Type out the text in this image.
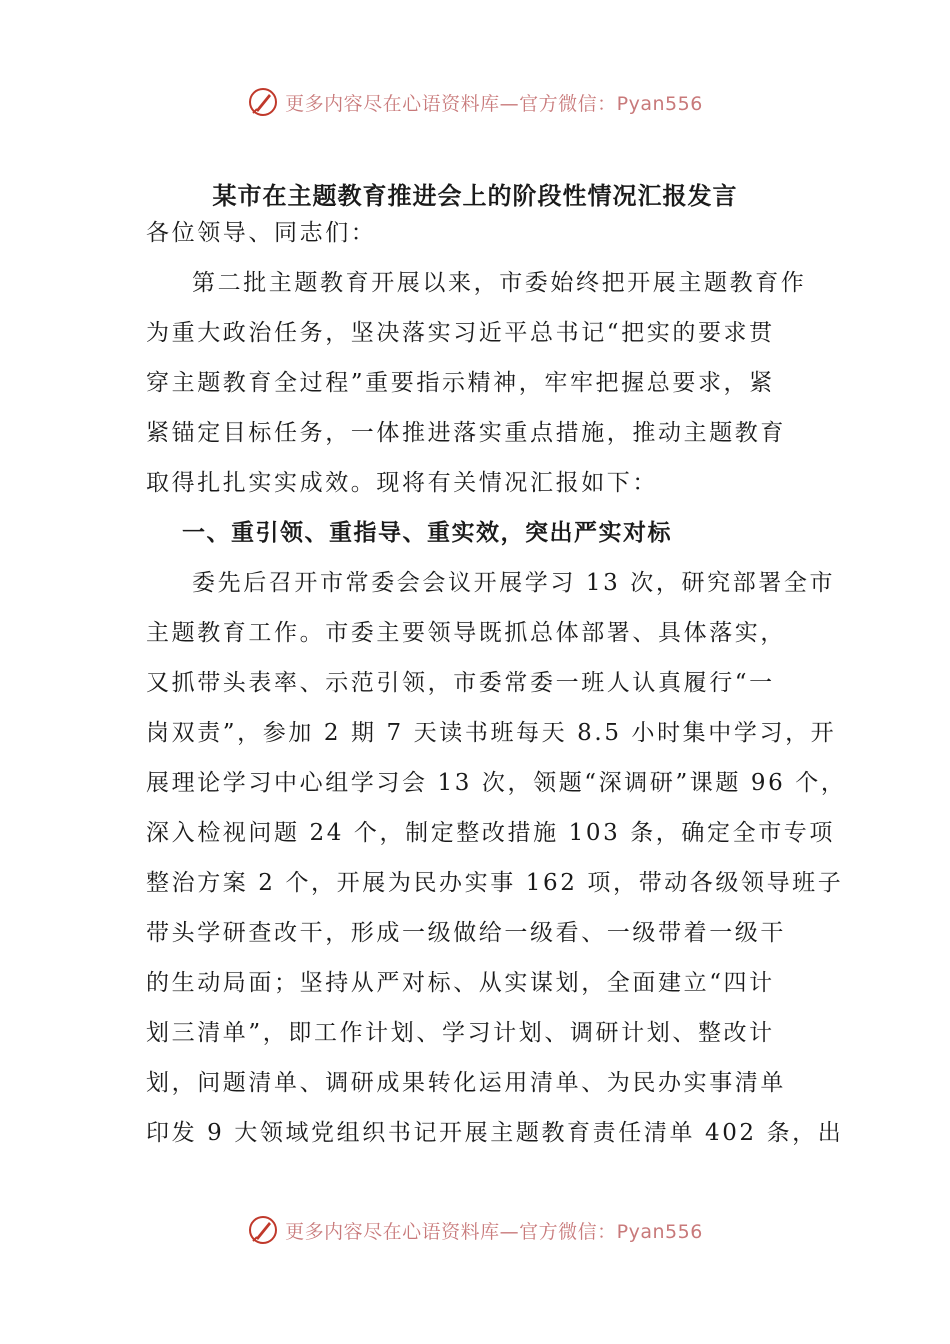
更多内容尽在心语资料库—官方微信：Pyan556
某市在主题教育推进会上的阶段性情况汇报发言

各位领导、同志们：

第二批主题教育开展以来，市委始终把开展主题教育作
为重大政治任务，坚决落实习近平总书记“把实的要求贯
穿主题教育全过程”重要指示精神，牢牢把握总要求，紧
紧锚定目标任务，一体推进落实重点措施，推动主题教育
取得扎扎实实成效。现将有关情况汇报如下：

一、重引领、重指导、重实效，突出严实对标

委先后召开市常委会会议开展学习 13 次，研究部署全市
主题教育工作。市委主要领导既抓总体部署、具体落实，
又抓带头表率、示范引领，市委常委一班人认真履行“一
岗双责”，参加 2 期 7 天读书班每天 8.5 小时集中学习，开
展理论学习中心组学习会 13 次，领题“深调研”课题 96 个，
深入检视问题 24 个，制定整改措施 103 条，确定全市专项
整治方案 2 个，开展为民办实事 162 项，带动各级领导班子
带头学研查改干，形成一级做给一级看、一级带着一级干
的生动局面；坚持从严对标、从实谋划，全面建立“四计
划三清单”，即工作计划、学习计划、调研计划、整改计
划，问题清单、调研成果转化运用清单、为民办实事清单
印发 9 大领域党组织书记开展主题教育责任清单 402 条，出
更多内容尽在心语资料库—官方微信：Pyan556
